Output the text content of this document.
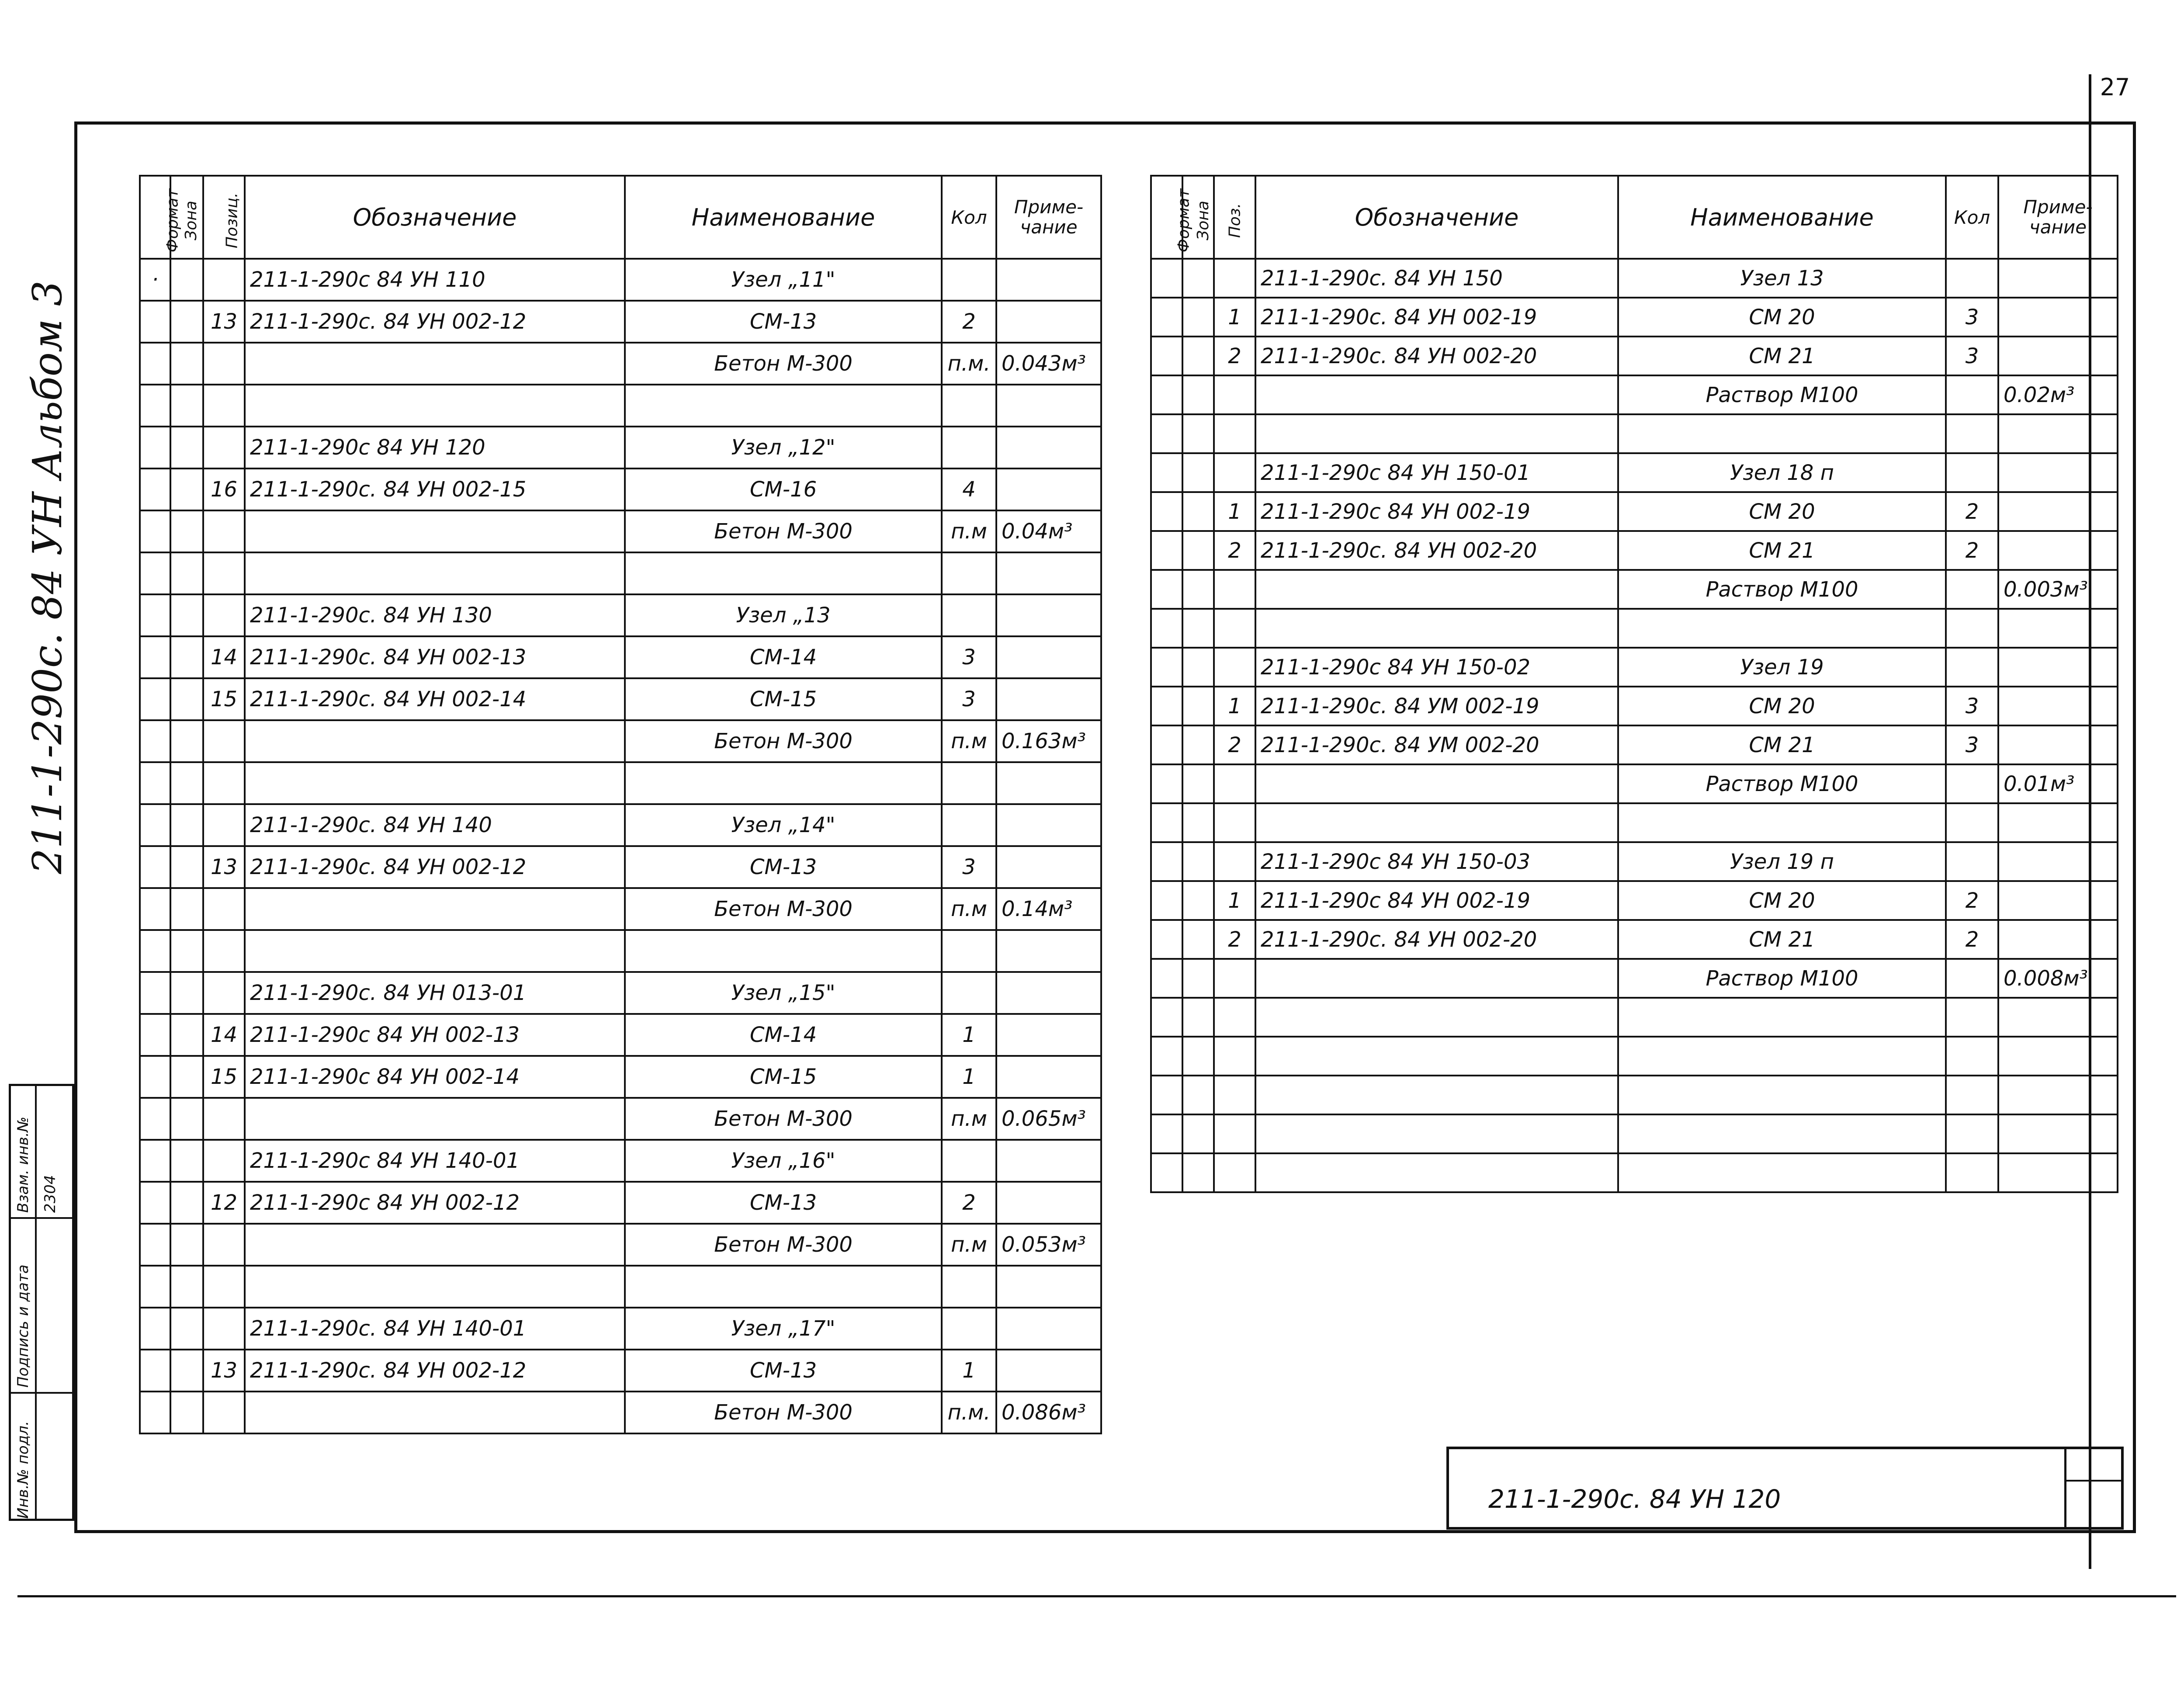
27
211-1-290с. 84 УН Альбом 3
Инв.№ подл.
Подпись и дата
Взам. инв.№ 2304
Формат	Зона	Позиц.	Обозначение	Наименование	Кол	Приме-чание
·			211-1-290с 84 УН 110	Узел „11"		
		13	211-1-290с. 84 УН 002-12	СМ-13	2	
				Бетон М-300	п.м.	0.043м³

			211-1-290с 84 УН 120	Узел „12"		
		16	211-1-290с. 84 УН 002-15	СМ-16	4	
				Бетон М-300	п.м	0.04м³

			211-1-290с. 84 УН 130	Узел „13		
		14	211-1-290с. 84 УН 002-13	СМ-14	3	
		15	211-1-290с. 84 УН 002-14	СМ-15	3	
				Бетон М-300	п.м	0.163м³

			211-1-290с. 84 УН 140	Узел „14"		
		13	211-1-290с. 84 УН 002-12	СМ-13	3	
				Бетон М-300	п.м	0.14м³

			211-1-290с. 84 УН 013-01	Узел „15"		
		14	211-1-290с 84 УН 002-13	СМ-14	1	
		15	211-1-290с 84 УН 002-14	СМ-15	1	
				Бетон М-300	п.м	0.065м³
			211-1-290с 84 УН 140-01	Узел „16"		
		12	211-1-290с 84 УН 002-12	СМ-13	2	
				Бетон М-300	п.м	0.053м³

			211-1-290с. 84 УН 140-01	Узел „17"		
		13	211-1-290с. 84 УН 002-12	СМ-13	1	
				Бетон М-300	п.м.	0.086м³
Формат	Зона	Поз.	Обозначение	Наименование	Кол	Приме-чание
			211-1-290с. 84 УН 150	Узел 13		
		1	211-1-290с. 84 УН 002-19	СМ 20	3	
		2	211-1-290с. 84 УН 002-20	СМ 21	3	
				Раствор М100		0.02м³

			211-1-290с 84 УН 150-01	Узел 18 п		
		1	211-1-290с 84 УН 002-19	СМ 20	2	
		2	211-1-290с. 84 УН 002-20	СМ 21	2	
				Раствор М100		0.003м³

			211-1-290с 84 УН 150-02	Узел 19		
		1	211-1-290с. 84 УМ 002-19	СМ 20	3	
		2	211-1-290с. 84 УМ 002-20	СМ 21	3	
				Раствор М100		0.01м³

			211-1-290с 84 УН 150-03	Узел 19 п		
		1	211-1-290с 84 УН 002-19	СМ 20	2	
		2	211-1-290с. 84 УН 002-20	СМ 21	2	
				Раствор М100		0.008м³

211-1-290с. 84 УН 120
